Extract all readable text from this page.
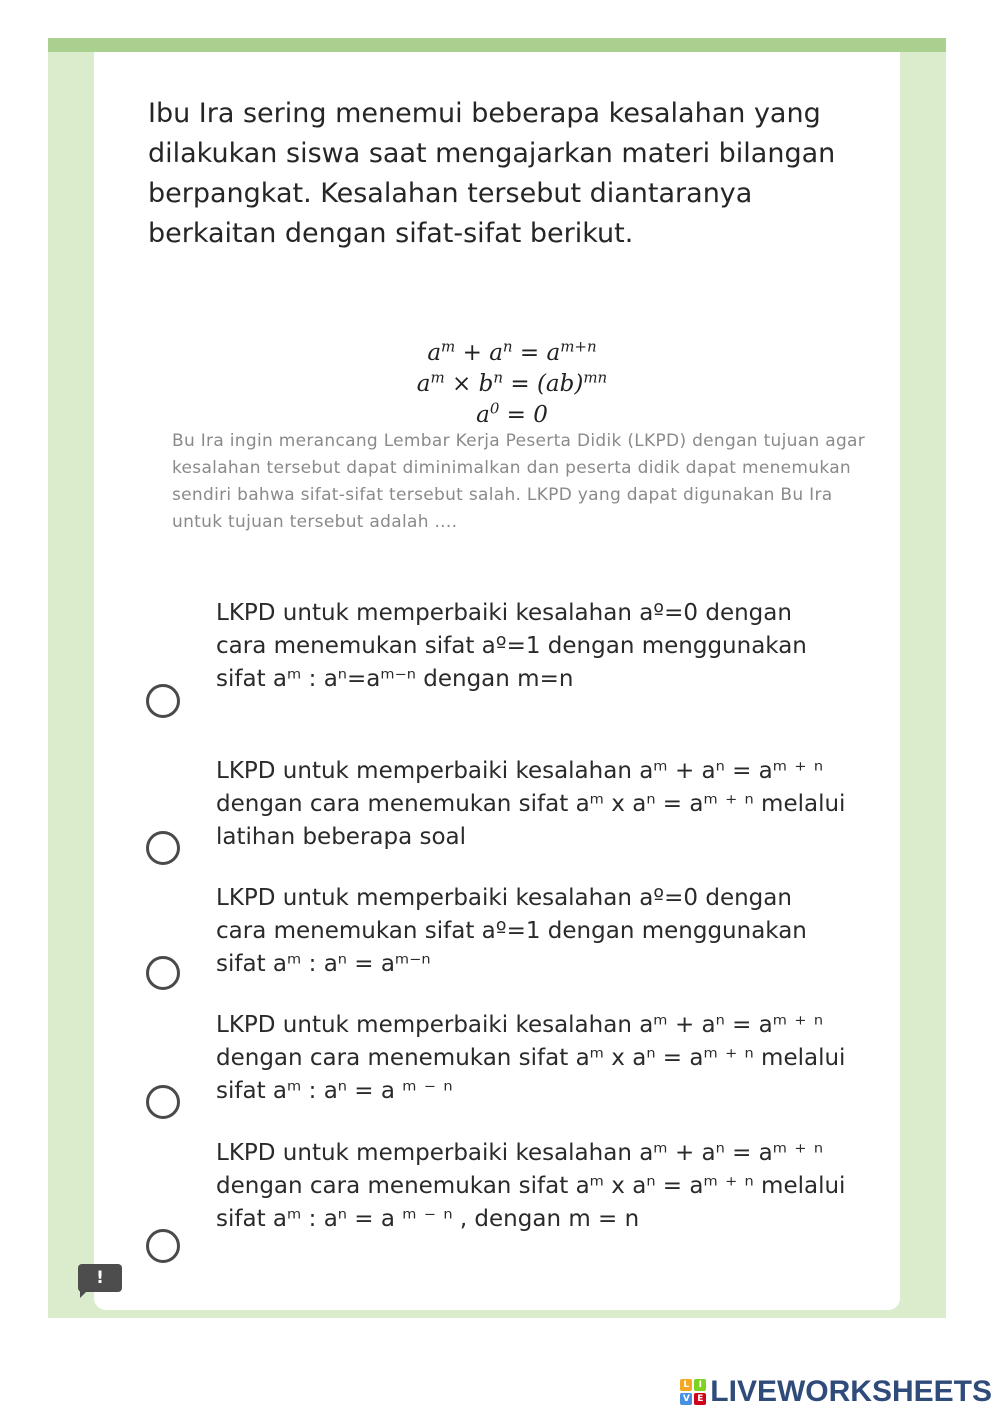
Ibu Ira sering menemui beberapa kesalahan yang dilakukan siswa saat mengajarkan materi bilangan berpangkat. Kesalahan tersebut diantaranya berkaitan dengan sifat-sifat berikut.

$a^m + a^n = a^{m+n}$
$a^m \times b^n = (ab)^{mn}$
$a^0 = 0$

Bu Ira ingin merancang Lembar Kerja Peserta Didik (LKPD) dengan tujuan agar kesalahan tersebut dapat diminimalkan dan peserta didik dapat menemukan sendiri bahwa sifat-sifat tersebut salah. LKPD yang dapat digunakan Bu Ira untuk tujuan tersebut adalah ....

LKPD untuk memperbaiki kesalahan aº=0 dengan cara menemukan sifat aº=1 dengan menggunakan sifat aᵐ : aⁿ=aᵐ⁻ⁿ dengan m=n
LKPD untuk memperbaiki kesalahan aᵐ + aⁿ = aᵐ ⁺ ⁿ dengan cara menemukan sifat aᵐ x aⁿ = aᵐ ⁺ ⁿ melalui latihan beberapa soal
LKPD untuk memperbaiki kesalahan aº=0 dengan cara menemukan sifat aº=1 dengan menggunakan sifat aᵐ : aⁿ = aᵐ⁻ⁿ
LKPD untuk memperbaiki kesalahan aᵐ + aⁿ = aᵐ ⁺ ⁿ dengan cara menemukan sifat aᵐ x aⁿ = aᵐ ⁺ ⁿ melalui sifat aᵐ : aⁿ = a ᵐ ⁻ ⁿ
LKPD untuk memperbaiki kesalahan aᵐ + aⁿ = aᵐ ⁺ ⁿ dengan cara menemukan sifat aᵐ x aⁿ = aᵐ ⁺ ⁿ melalui sifat aᵐ : aⁿ = a ᵐ ⁻ ⁿ , dengan m = n
!
L	I
V E LIVEWORKSHEETS
